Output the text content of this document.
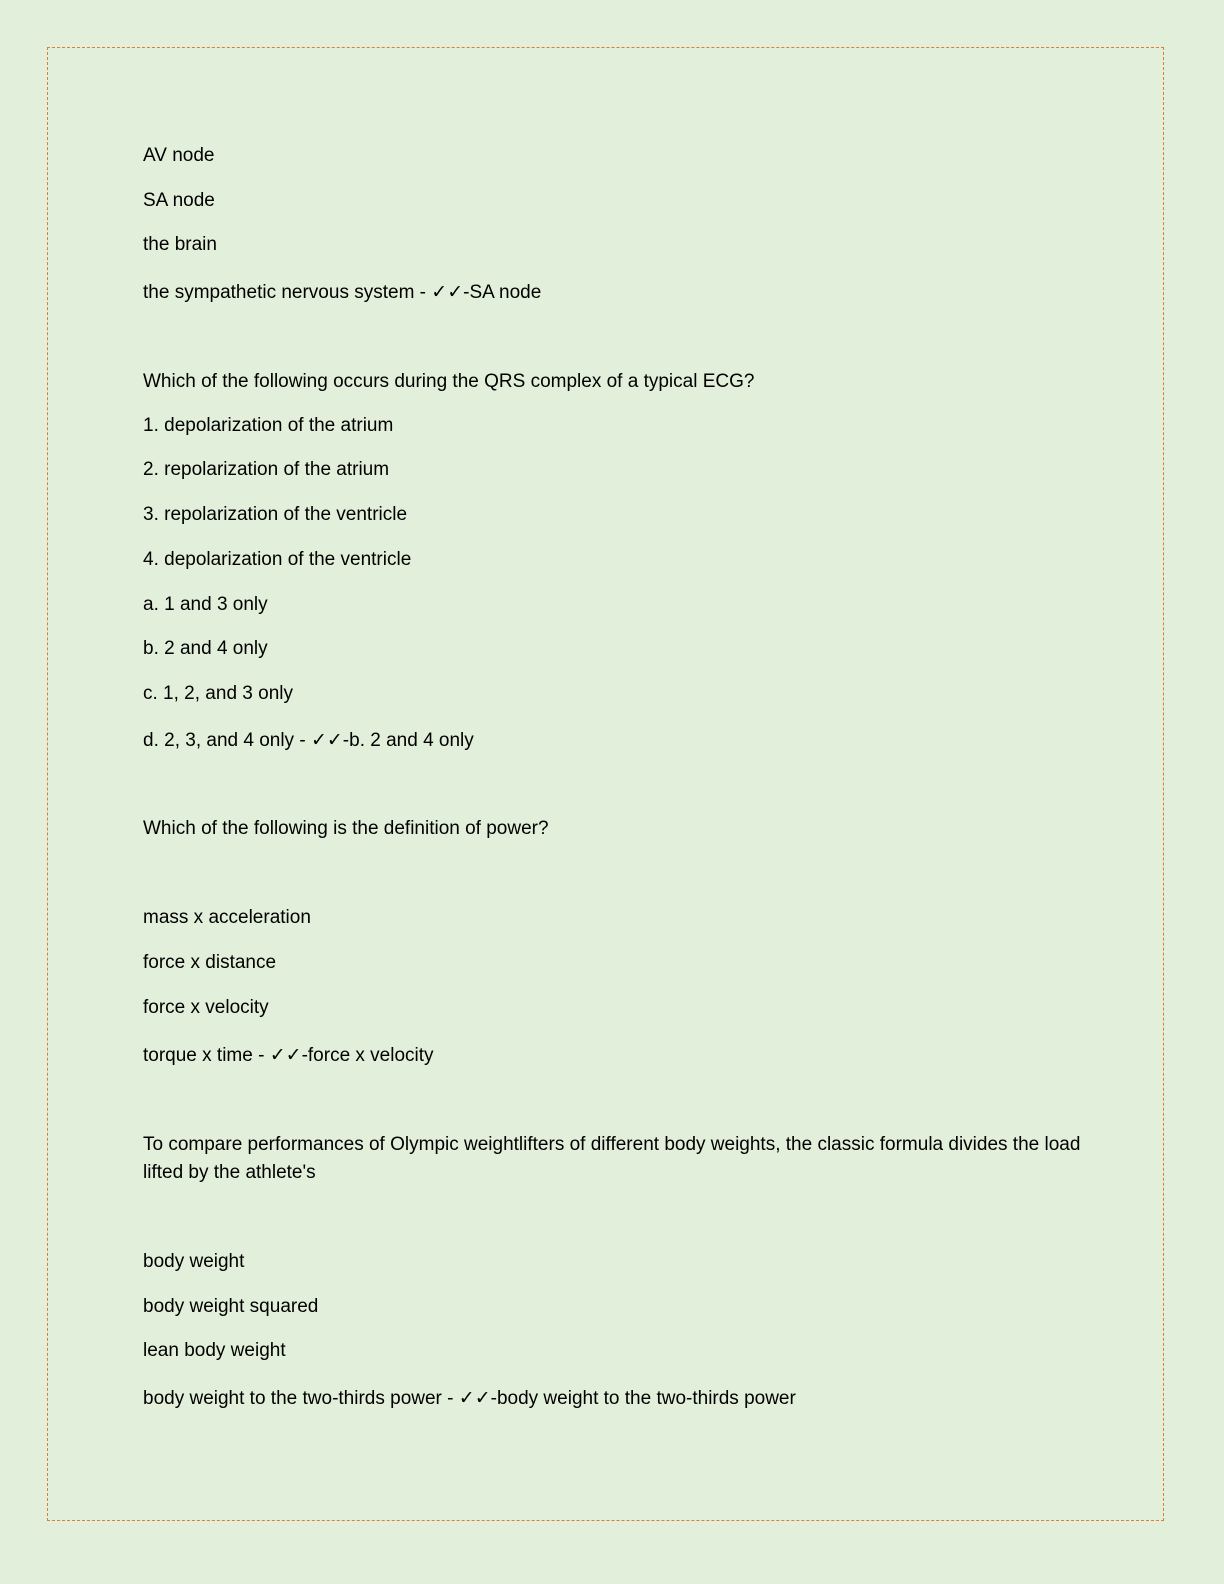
AV node
SA node
the brain
the sympathetic nervous system - ✓✓-SA node
Which of the following occurs during the QRS complex of a typical ECG?
1. depolarization of the atrium
2. repolarization of the atrium
3. repolarization of the ventricle
4. depolarization of the ventricle
a. 1 and 3 only
b. 2 and 4 only
c. 1, 2, and 3 only
d. 2, 3, and 4 only - ✓✓-b. 2 and 4 only
Which of the following is the definition of power?
mass x acceleration
force x distance
force x velocity
torque x time - ✓✓-force x velocity
To compare performances of Olympic weightlifters of different body weights, the classic formula divides the load lifted by the athlete's
body weight
body weight squared
lean body weight
body weight to the two-thirds power - ✓✓-body weight to the two-thirds power
